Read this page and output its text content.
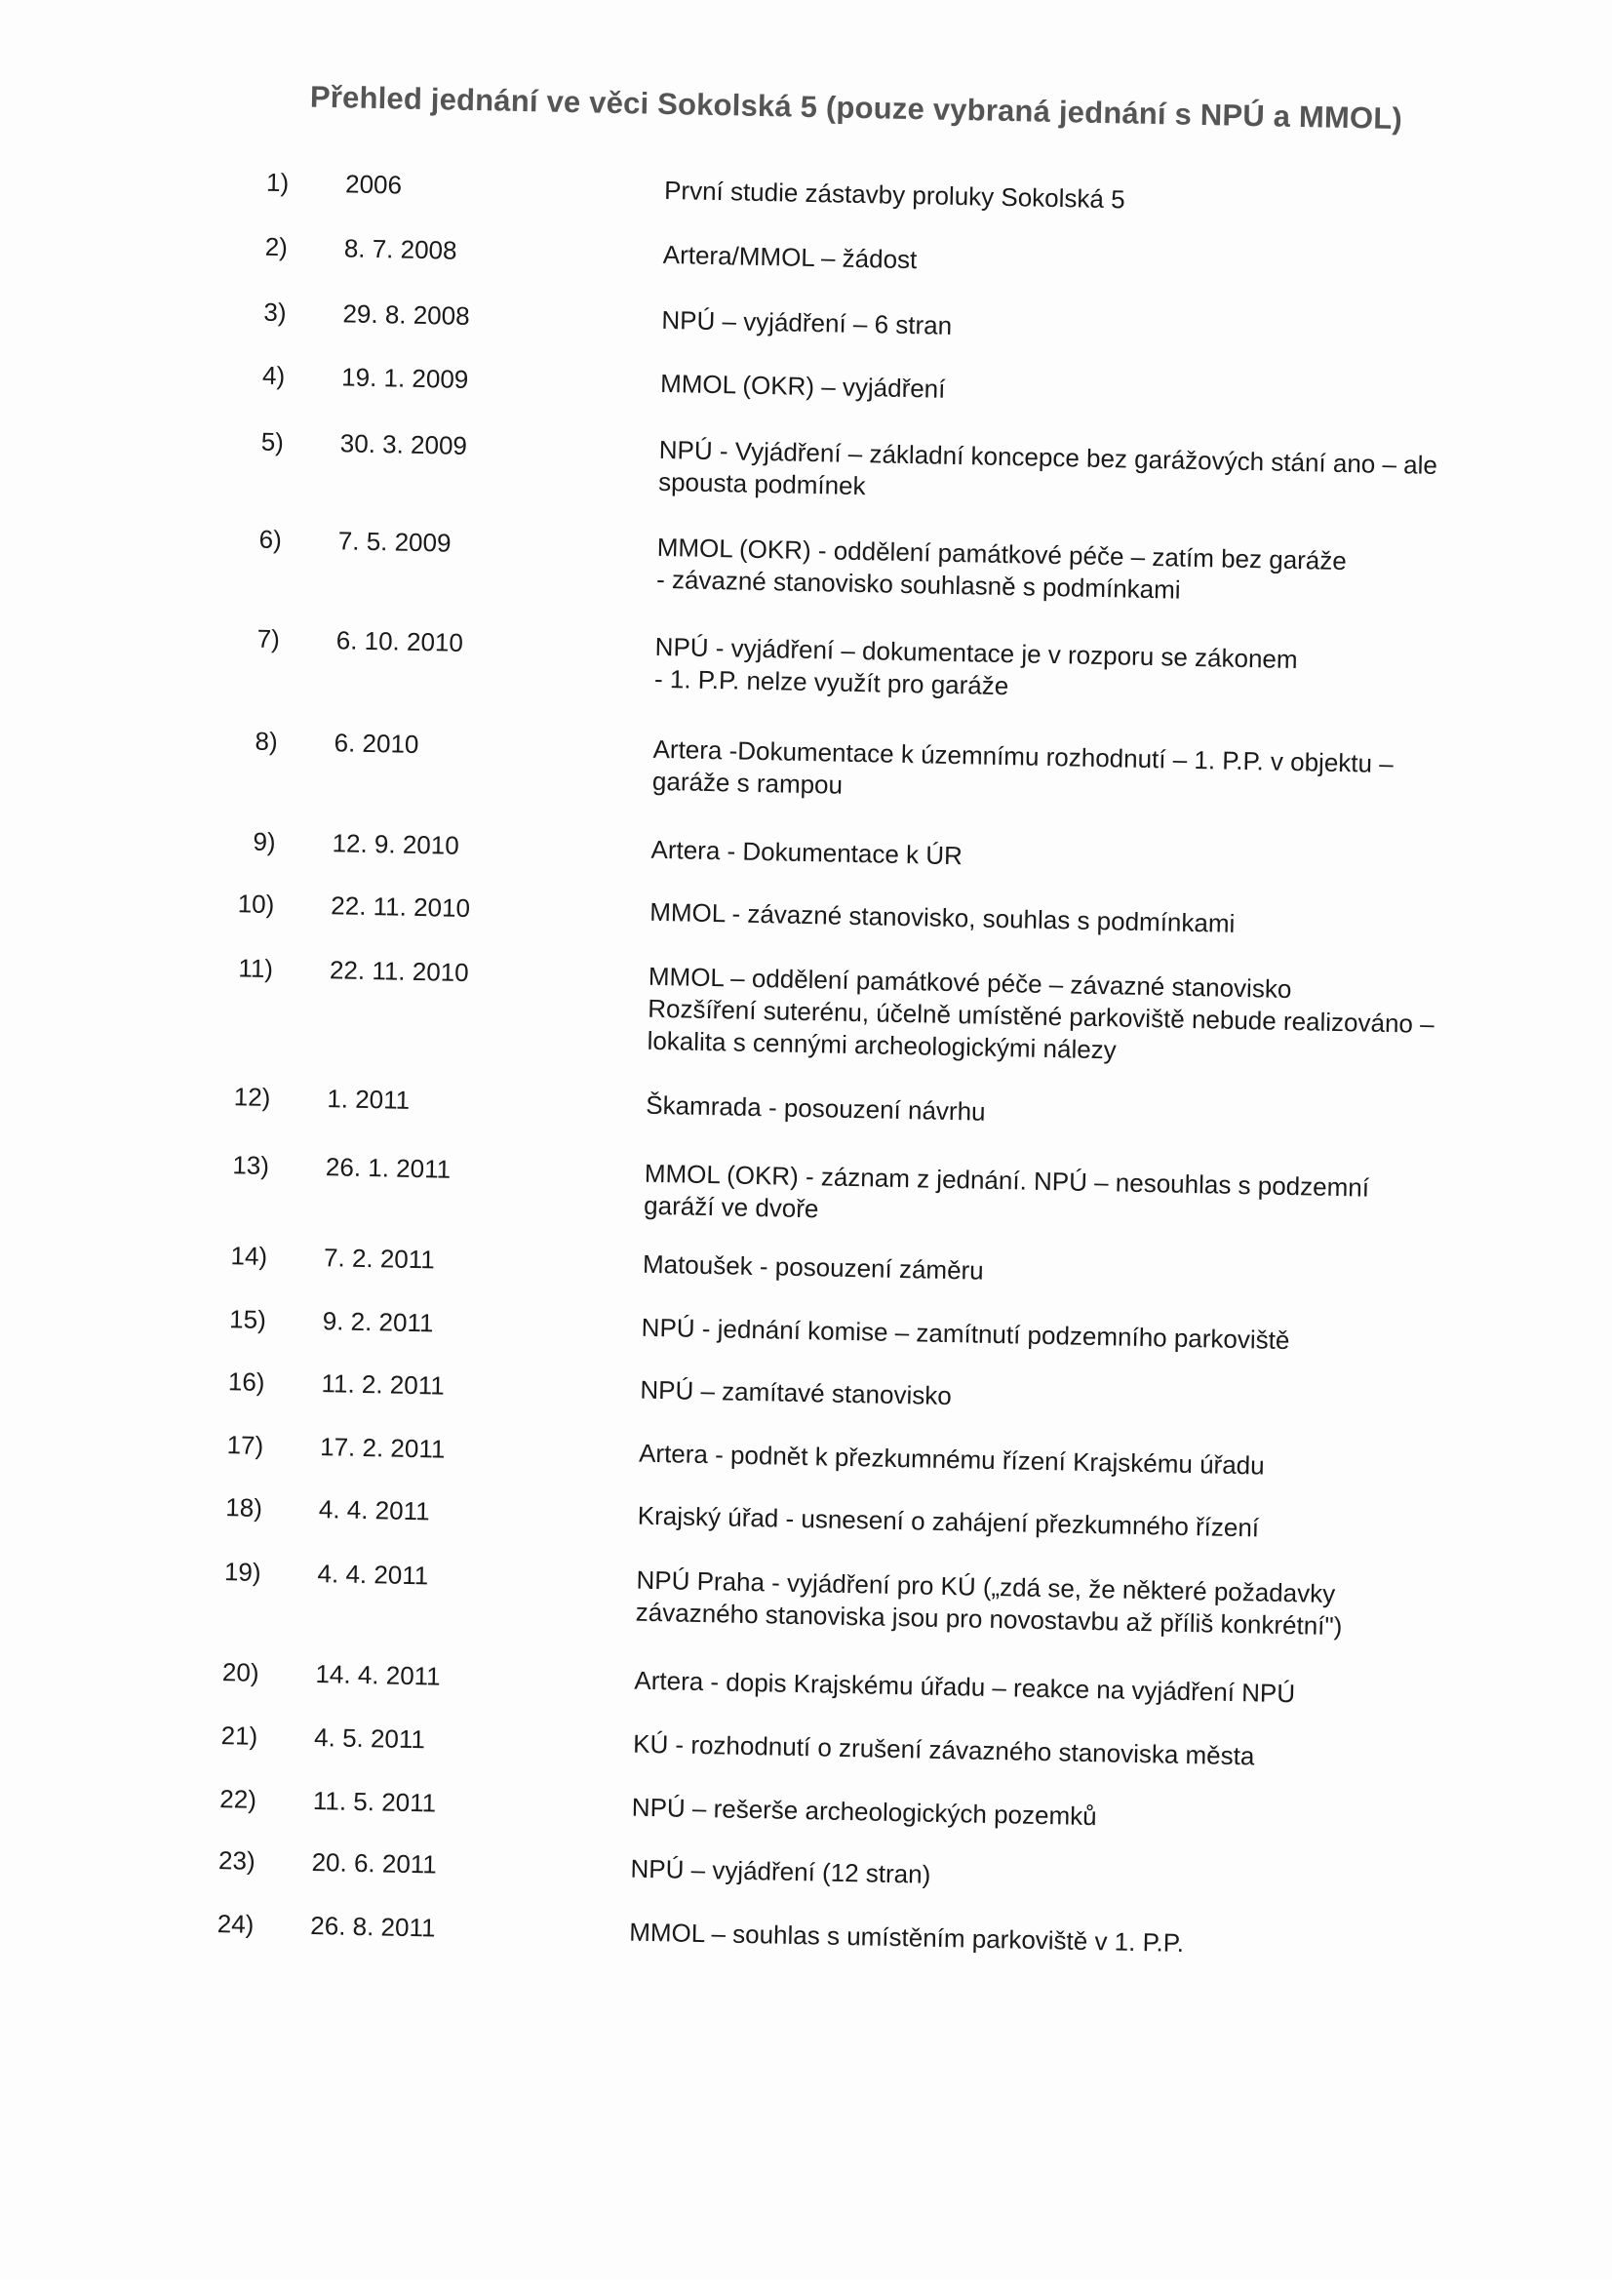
Přehled jednání ve věci Sokolská 5 (pouze vybraná jednání s NPÚ a MMOL)
1) 2006	První studie zástavby proluky Sokolská 5
2) 8. 7. 2008	Artera/MMOL – žádost
3) 29. 8. 2008	NPÚ – vyjádření – 6 stran
4) 19. 1. 2009	MMOL (OKR) – vyjádření
5) 30. 3. 2009	NPÚ - Vyjádření – základní koncepce bez garážových stání ano – ale
spousta podmínek
6) 7. 5. 2009	MMOL (OKR) - oddělení památkové péče – zatím bez garáže
- závazné stanovisko souhlasně s podmínkami
7) 6. 10. 2010	NPÚ - vyjádření – dokumentace je v rozporu se zákonem
- 1. P.P. nelze využít pro garáže
8) 6. 2010	Artera -Dokumentace k územnímu rozhodnutí – 1. P.P. v objektu –
garáže s rampou
9) 12. 9. 2010	Artera - Dokumentace k ÚR
10) 22. 11. 2010	MMOL - závazné stanovisko, souhlas s podmínkami
11) 22. 11. 2010	MMOL – oddělení památkové péče – závazné stanovisko
Rozšíření suterénu, účelně umístěné parkoviště nebude realizováno –
lokalita s cennými archeologickými nálezy
12) 1. 2011	Škamrada - posouzení návrhu
13) 26. 1. 2011	MMOL (OKR) - záznam z jednání. NPÚ – nesouhlas s podzemní
garáží ve dvoře
14) 7. 2. 2011	Matoušek - posouzení záměru
15) 9. 2. 2011	NPÚ - jednání komise – zamítnutí podzemního parkoviště
16) 11. 2. 2011	NPÚ – zamítavé stanovisko
17) 17. 2. 2011	Artera - podnět k přezkumnému řízení Krajskému úřadu
18) 4. 4. 2011	Krajský úřad - usnesení o zahájení přezkumného řízení
19) 4. 4. 2011	NPÚ Praha - vyjádření pro KÚ („zdá se, že některé požadavky
závazného stanoviska jsou pro novostavbu až příliš konkrétní")
20) 14. 4. 2011	Artera - dopis Krajskému úřadu – reakce na vyjádření NPÚ
21) 4. 5. 2011	KÚ - rozhodnutí o zrušení závazného stanoviska města
22) 11. 5. 2011	NPÚ – rešerše archeologických pozemků
23) 20. 6. 2011	NPÚ – vyjádření (12 stran)
24) 26. 8. 2011	MMOL – souhlas s umístěním parkoviště v 1. P.P.
